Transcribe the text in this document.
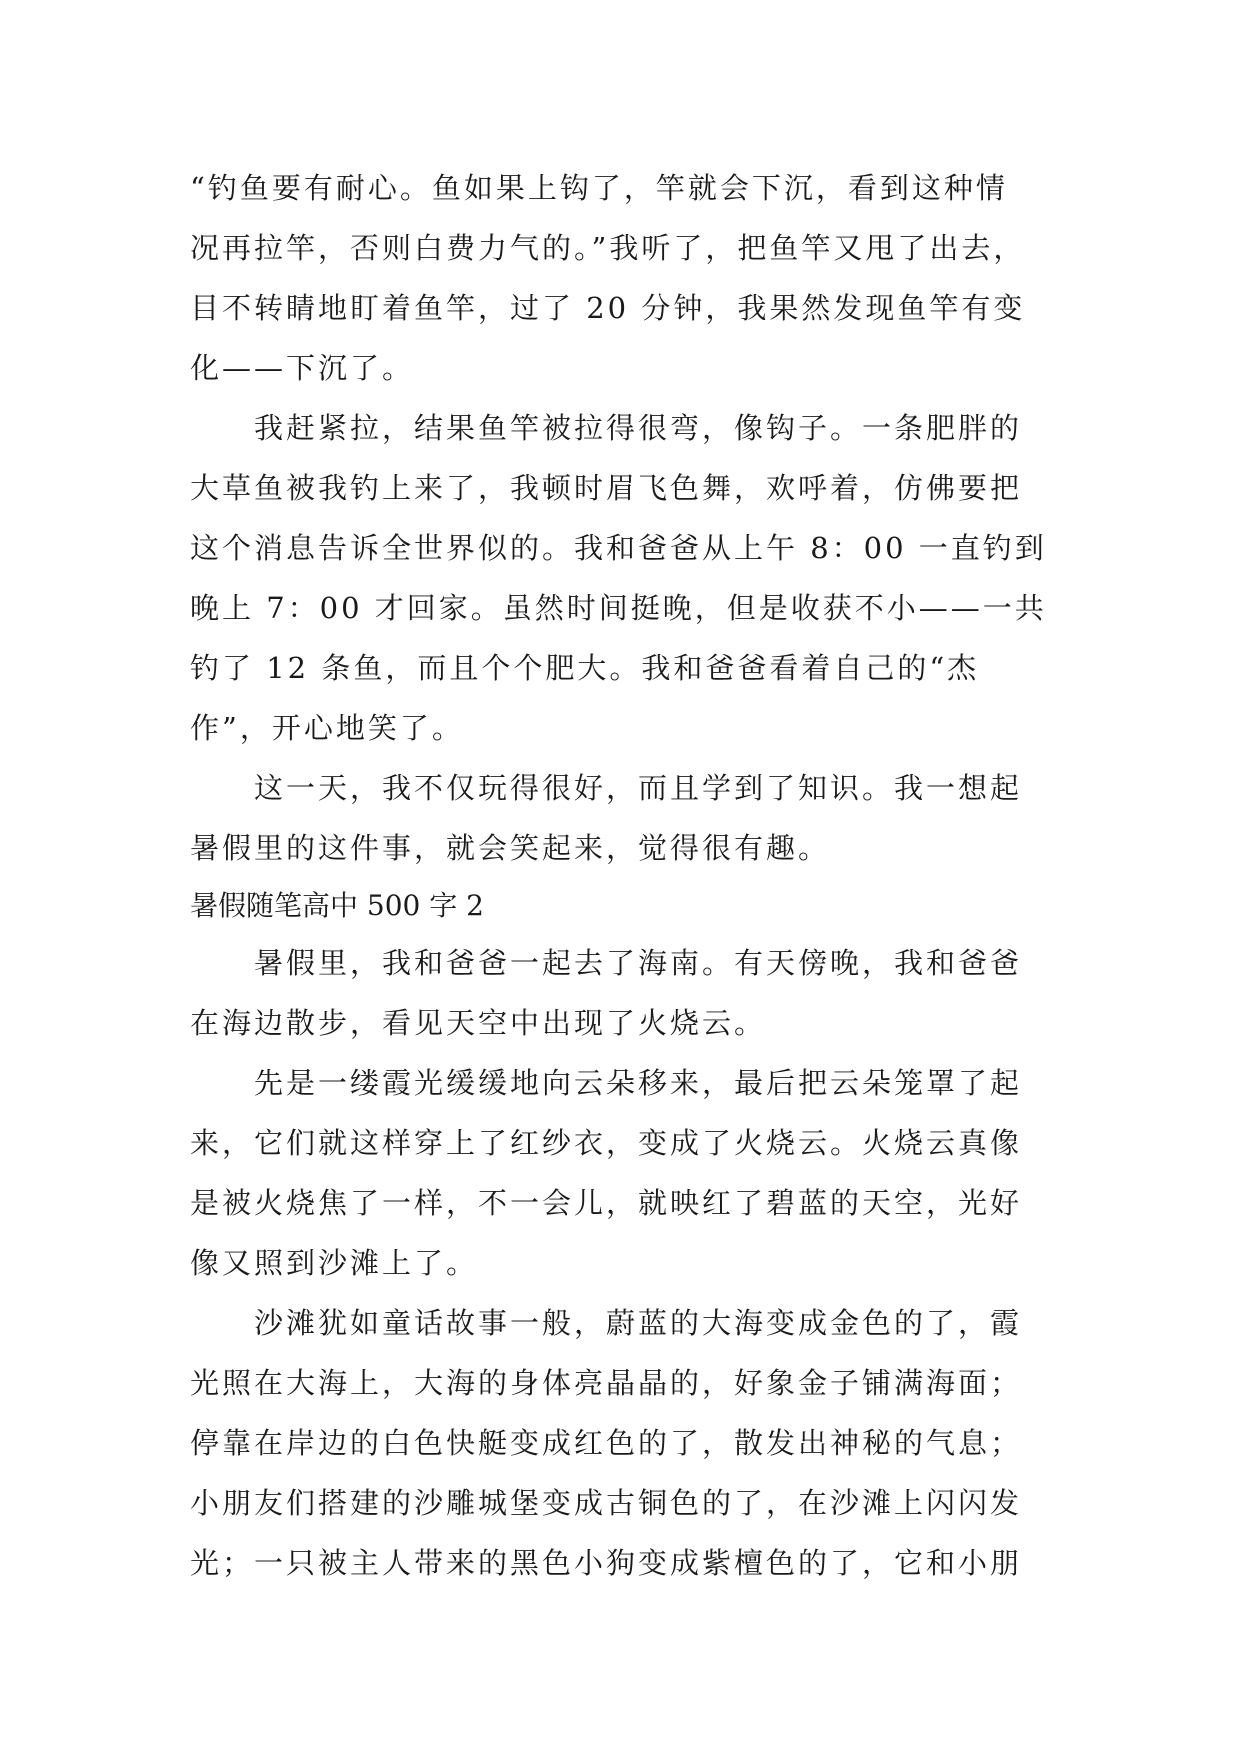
“钓鱼要有耐心。鱼如果上钩了，竿就会下沉，看到这种情
况再拉竿，否则白费力气的。”我听了，把鱼竿又甩了出去，
目不转睛地盯着鱼竿，过了 20 分钟，我果然发现鱼竿有变
化——下沉了。
我赶紧拉，结果鱼竿被拉得很弯，像钩子。一条肥胖的
大草鱼被我钓上来了，我顿时眉飞色舞，欢呼着，仿佛要把
这个消息告诉全世界似的。我和爸爸从上午 8：00 一直钓到
晚上 7：00 才回家。虽然时间挺晚，但是收获不小——一共
钓了 12 条鱼，而且个个肥大。我和爸爸看着自己的“杰
作”，开心地笑了。
这一天，我不仅玩得很好，而且学到了知识。我一想起
暑假里的这件事，就会笑起来，觉得很有趣。
暑假随笔高中 500 字 2
暑假里，我和爸爸一起去了海南。有天傍晚，我和爸爸
在海边散步，看见天空中出现了火烧云。
先是一缕霞光缓缓地向云朵移来，最后把云朵笼罩了起
来，它们就这样穿上了红纱衣，变成了火烧云。火烧云真像
是被火烧焦了一样，不一会儿，就映红了碧蓝的天空，光好
像又照到沙滩上了。
沙滩犹如童话故事一般，蔚蓝的大海变成金色的了，霞
光照在大海上，大海的身体亮晶晶的，好象金子铺满海面；
停靠在岸边的白色快艇变成红色的了，散发出神秘的气息；
小朋友们搭建的沙雕城堡变成古铜色的了，在沙滩上闪闪发
光；一只被主人带来的黑色小狗变成紫檀色的了，它和小朋
